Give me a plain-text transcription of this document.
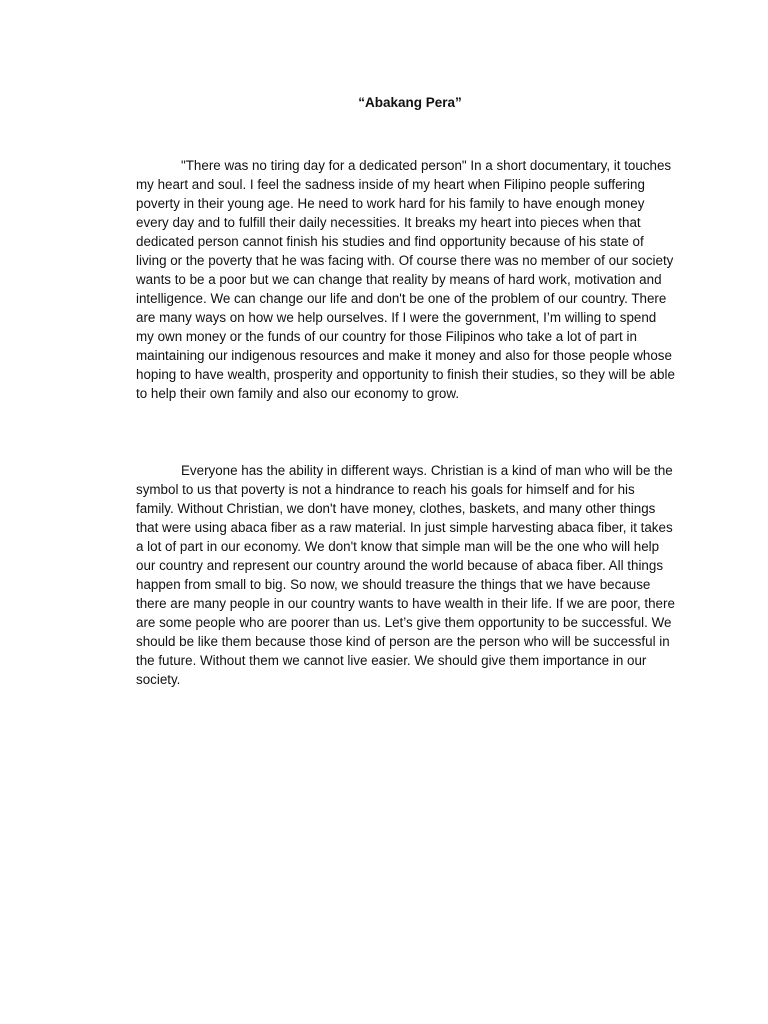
“Abakang Pera”

"There was no tiring day for a dedicated person" In a short documentary, it touches my heart and soul. I feel the sadness inside of my heart when Filipino people suffering poverty in their young age. He need to work hard for his family to have enough money every day and to fulfill their daily necessities. It breaks my heart into pieces when that dedicated person cannot finish his studies and find opportunity because of his state of living or the poverty that he was facing with. Of course there was no member of our society wants to be a poor but we can change that reality by means of hard work, motivation and intelligence. We can change our life and don't be one of the problem of our country. There are many ways on how we help ourselves. If I were the government, I’m willing to spend my own money or the funds of our country for those Filipinos who take a lot of part in maintaining our indigenous resources and make it money and also for those people whose hoping to have wealth, prosperity and opportunity to finish their studies, so they will be able to help their own family and also our economy to grow.

Everyone has the ability in different ways. Christian is a kind of man who will be the symbol to us that poverty is not a hindrance to reach his goals for himself and for his family. Without Christian, we don't have money, clothes, baskets, and many other things that were using abaca fiber as a raw material. In just simple harvesting abaca fiber, it takes a lot of part in our economy. We don't know that simple man will be the one who will help our country and represent our country around the world because of abaca fiber. All things happen from small to big. So now, we should treasure the things that we have because there are many people in our country wants to have wealth in their life. If we are poor, there are some people who are poorer than us. Let’s give them opportunity to be successful. We should be like them because those kind of person are the person who will be successful in the future. Without them we cannot live easier. We should give them importance in our society.
